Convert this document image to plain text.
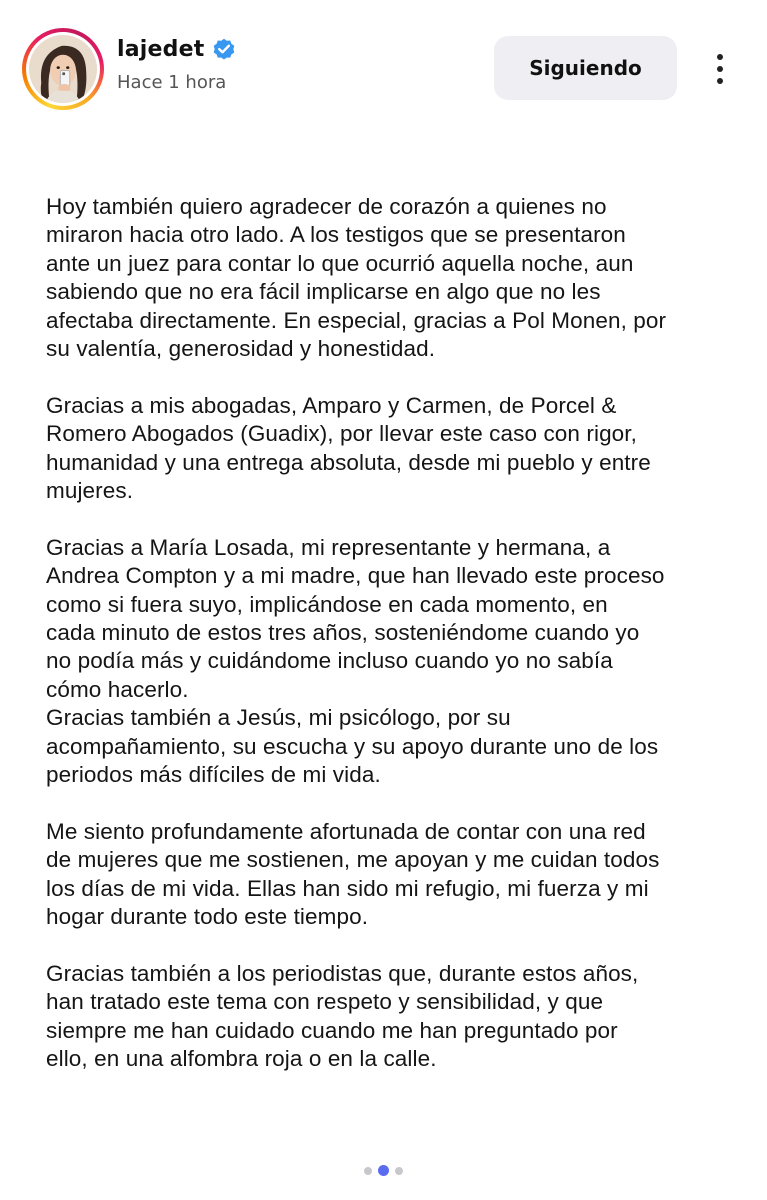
lajedet
Hace 1 hora
Siguiendo
Hoy también quiero agradecer de corazón a quienes no
miraron hacia otro lado. A los testigos que se presentaron
ante un juez para contar lo que ocurrió aquella noche, aun
sabiendo que no era fácil implicarse en algo que no les
afectaba directamente. En especial, gracias a Pol Monen, por
su valentía, generosidad y honestidad.
Gracias a mis abogadas, Amparo y Carmen, de Porcel &
Romero Abogados (Guadix), por llevar este caso con rigor,
humanidad y una entrega absoluta, desde mi pueblo y entre
mujeres.
Gracias a María Losada, mi representante y hermana, a
Andrea Compton y a mi madre, que han llevado este proceso
como si fuera suyo, implicándose en cada momento, en
cada minuto de estos tres años, sosteniéndome cuando yo
no podía más y cuidándome incluso cuando yo no sabía
cómo hacerlo.
Gracias también a Jesús, mi psicólogo, por su
acompañamiento, su escucha y su apoyo durante uno de los
periodos más difíciles de mi vida.
Me siento profundamente afortunada de contar con una red
de mujeres que me sostienen, me apoyan y me cuidan todos
los días de mi vida. Ellas han sido mi refugio, mi fuerza y mi
hogar durante todo este tiempo.
Gracias también a los periodistas que, durante estos años,
han tratado este tema con respeto y sensibilidad, y que
siempre me han cuidado cuando me han preguntado por
ello, en una alfombra roja o en la calle.
